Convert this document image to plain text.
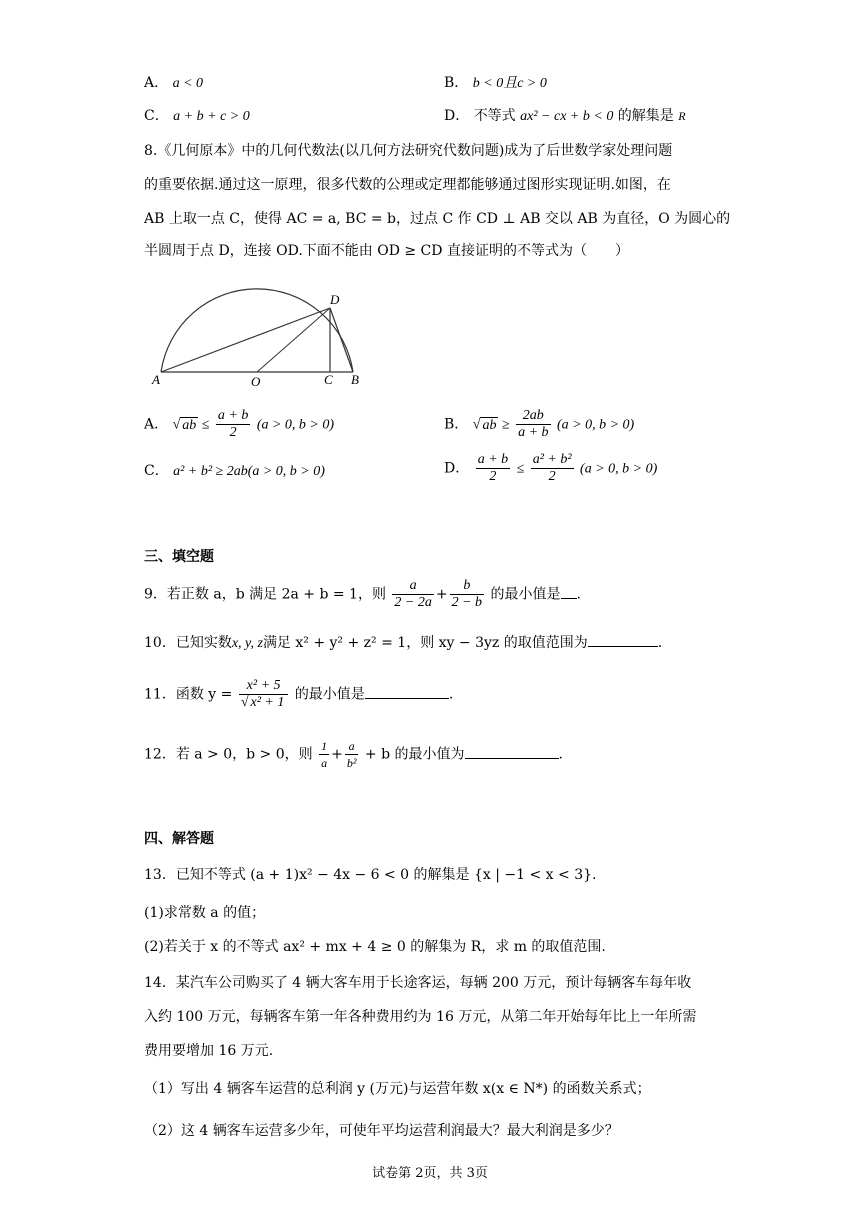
A． a < 0	B． b < 0且c > 0
C． a + b + c > 0	D． 不等式 ax² − cx + b < 0 的解集是 R
8.《几何原本》中的几何代数法(以几何方法研究代数问题)成为了后世数学家处理问题
的重要依据.通过这一原理，很多代数的公理或定理都能够通过图形实现证明.如图，在
AB 上取一点 C，使得 AC = a, BC = b，过点 C 作 CD ⊥ AB 交以 AB 为直径，O 为圆心的
半圆周于点 D，连接 OD.下面不能由 OD ≥ CD 直接证明的不等式为（　　）
A	O	C B
D
A． √ ab ≤ $\frac{a + b}{2} (a > 0$, b > 0)	B． √ ab ≥ $\frac{2ab}{a + b} (a > 0$, b > 0)
C． a² + b² ≥ 2ab(a > 0, b > 0)	D． $\frac{a + b}{2} \le \frac{\text{a² + b²}}{2} (a > 0$, b > 0)
三、填空题
9．若正数 a，b 满足 2a + b = 1，则 $\frac{a}{2 - 2a} + \frac{b}{2 - b}$ 的最小值是 .
10．已知实数x, y, z满足 x² + y² + z² = 1，则 xy − 3yz 的取值范围为	.
11．函数 $y = \frac{\text{x² + 5}}{\text{√ x² + 1}}$ 的最小值是	.
12．若 a > 0，b > 0，则 $\frac{1}{a} + \frac{a}{\text{b²}} + b$ 的最小值为	.
四、解答题
13．已知不等式 (a + 1)x² − 4x − 6 < 0 的解集是 {x | −1 < x < 3}.
(1)求常数 a 的值；
(2)若关于 x 的不等式 ax² + mx + 4 ≥ 0 的解集为 R，求 m 的取值范围.
14．某汽车公司购买了 4 辆大客车用于长途客运，每辆 200 万元，预计每辆客车每年收
入约 100 万元，每辆客车第一年各种费用约为 16 万元，从第二年开始每年比上一年所需
费用要增加 16 万元.
（1）写出 4 辆客车运营的总利润 y (万元)与运营年数 x(x ∈ N*) 的函数关系式；
（2）这 4 辆客车运营多少年，可使年平均运营利润最大？最大利润是多少？
试卷第 2页，共 3页
